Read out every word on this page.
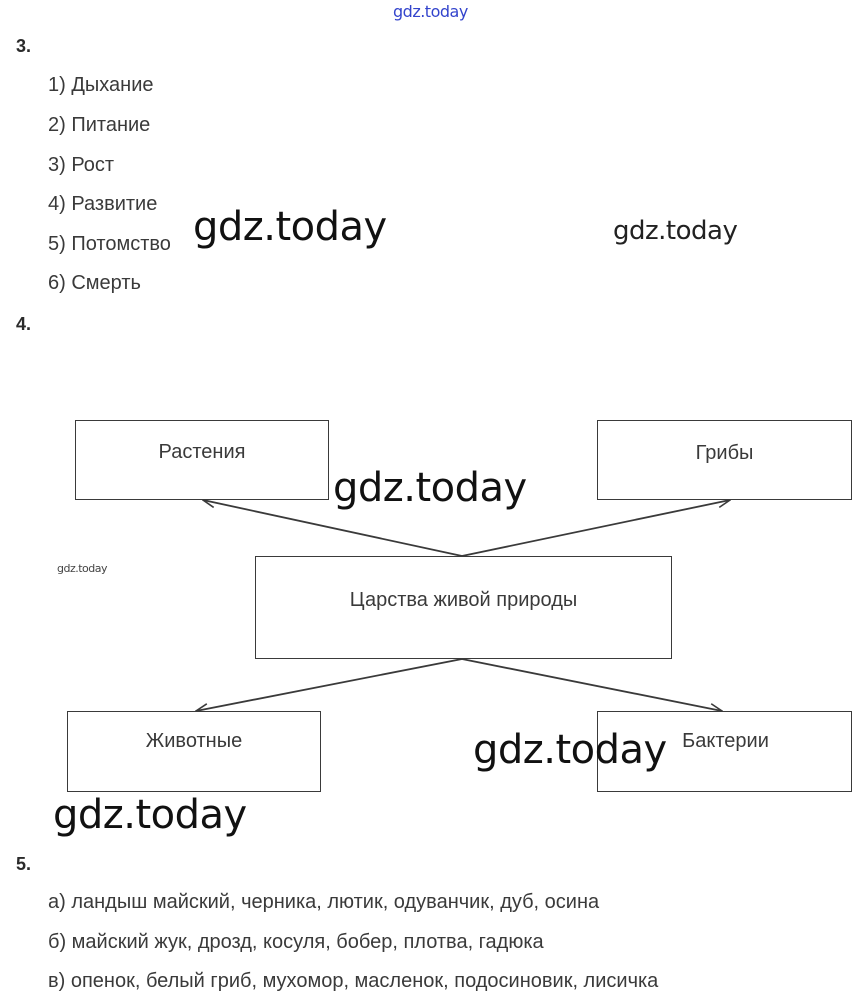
gdz.today
3.
1) Дыхание
2) Питание
3) Рост
4) Развитие
5) Потомство
6) Смерть
gdz.today	gdz.today
4.
Растения	Грибы
Царства живой природы
Животные	Бактерии
gdz.today
gdz.today
gdz.today
gdz.today
5.
а) ландыш майский, черника, лютик, одуванчик, дуб, осина
б) майский жук, дрозд, косуля, бобер, плотва, гадюка
в) опенок, белый гриб, мухомор, масленок, подосиновик, лисичка
